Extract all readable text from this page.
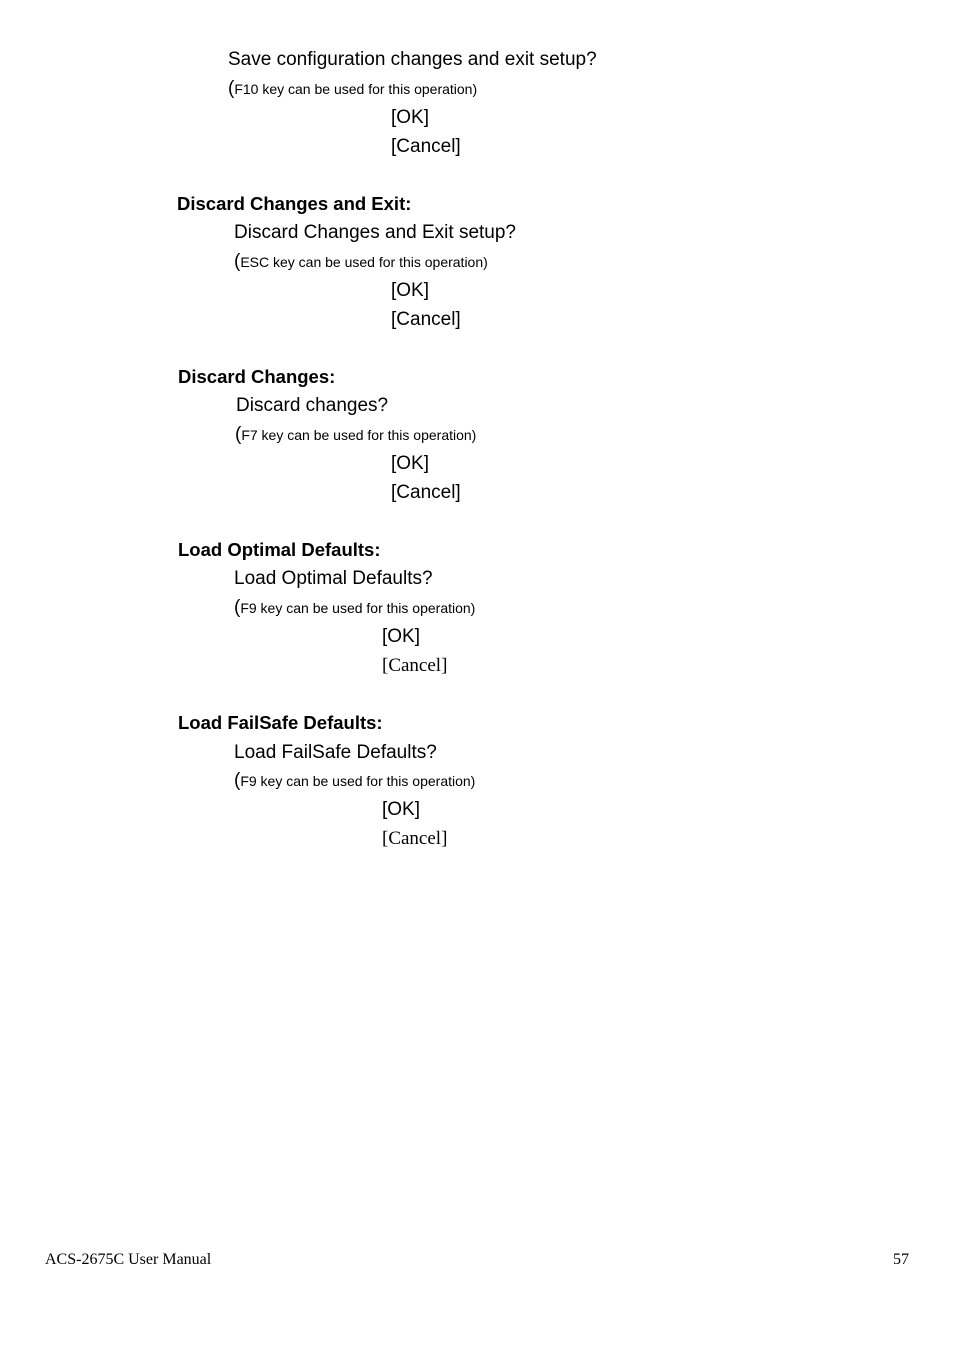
Save configuration changes and exit setup?
(F10 key can be used for this operation)
[OK]
[Cancel]
Discard Changes and Exit:
Discard Changes and Exit setup?
(ESC key can be used for this operation)
[OK]
[Cancel]
Discard Changes:
Discard changes?
(F7 key can be used for this operation)
[OK]
[Cancel]
Load Optimal Defaults:
Load Optimal Defaults?
(F9 key can be used for this operation)
[OK]
[Cancel]
Load FailSafe Defaults:
Load FailSafe Defaults?
(F9 key can be used for this operation)
[OK]
[Cancel]
ACS-2675C User Manual	57
